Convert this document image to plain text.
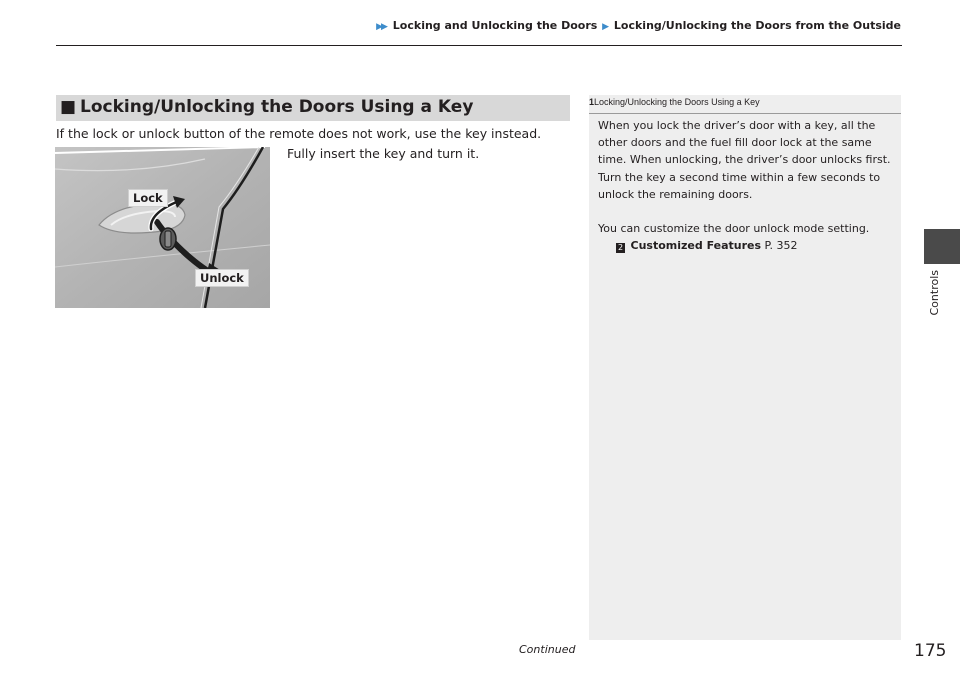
▶▶ Locking and Unlocking the Doors ▶ Locking/Unlocking the Doors from the Outside
■ Locking/Unlocking the Doors Using a Key
If the lock or unlock button of the remote does not work, use the key instead.
Fully insert the key and turn it.
Lock
Unlock
1Locking/Unlocking the Doors Using a Key

When you lock the driver’s door with a key, all the

other doors and the fuel fill door lock at the same

time. When unlocking, the driver’s door unlocks first.

Turn the key a second time within a few seconds to

unlock the remaining doors.

You can customize the door unlock mode setting.

2 Customized Features P. 352
Controls
Continued	175
